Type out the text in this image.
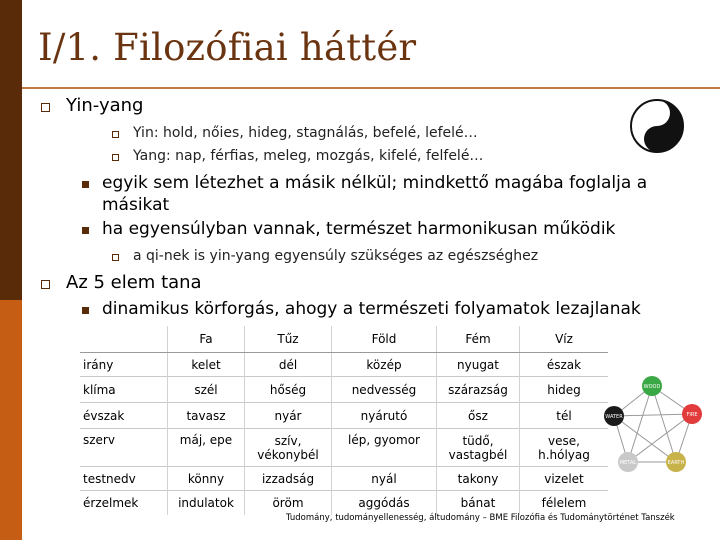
I/1. Filozófiai háttér
Yin-yang
Yin: hold, nőies, hideg, stagnálás, befelé, lefelé…
Yang: nap, férfias, meleg, mozgás, kifelé, felfelé…
egyik sem létezhet a másik nélkül; mindkettő magába foglalja a
másikat
ha egyensúlyban vannak, természet harmonikusan működik
a qi-nek is yin-yang egyensúly szükséges az egészséghez
Az 5 elem tana
dinamikus körforgás, ahogy a természeti folyamatok lezajlanak
	Fa	Tűz	Föld	Fém	Víz
irány	kelet	dél	közép	nyugat	észak
klíma	szél	hőség	nedvesség	szárazság	hideg
évszak	tavasz	nyár	nyárutó	ősz	tél
szerv	máj, epe	szív, vékonybél	lép, gyomor	tüdő, vastagbél	vese, h.hólyag
testnedv	könny	izzadság	nyál	takony	vizelet
érzelmek	indulatok	öröm	aggódás	bánat	félelem
WOOD
FIRE
EARTH
METAL
WATER
Tudomány, tudományellenesség, áltudomány – BME Filozófia és Tudománytörténet Tanszék
